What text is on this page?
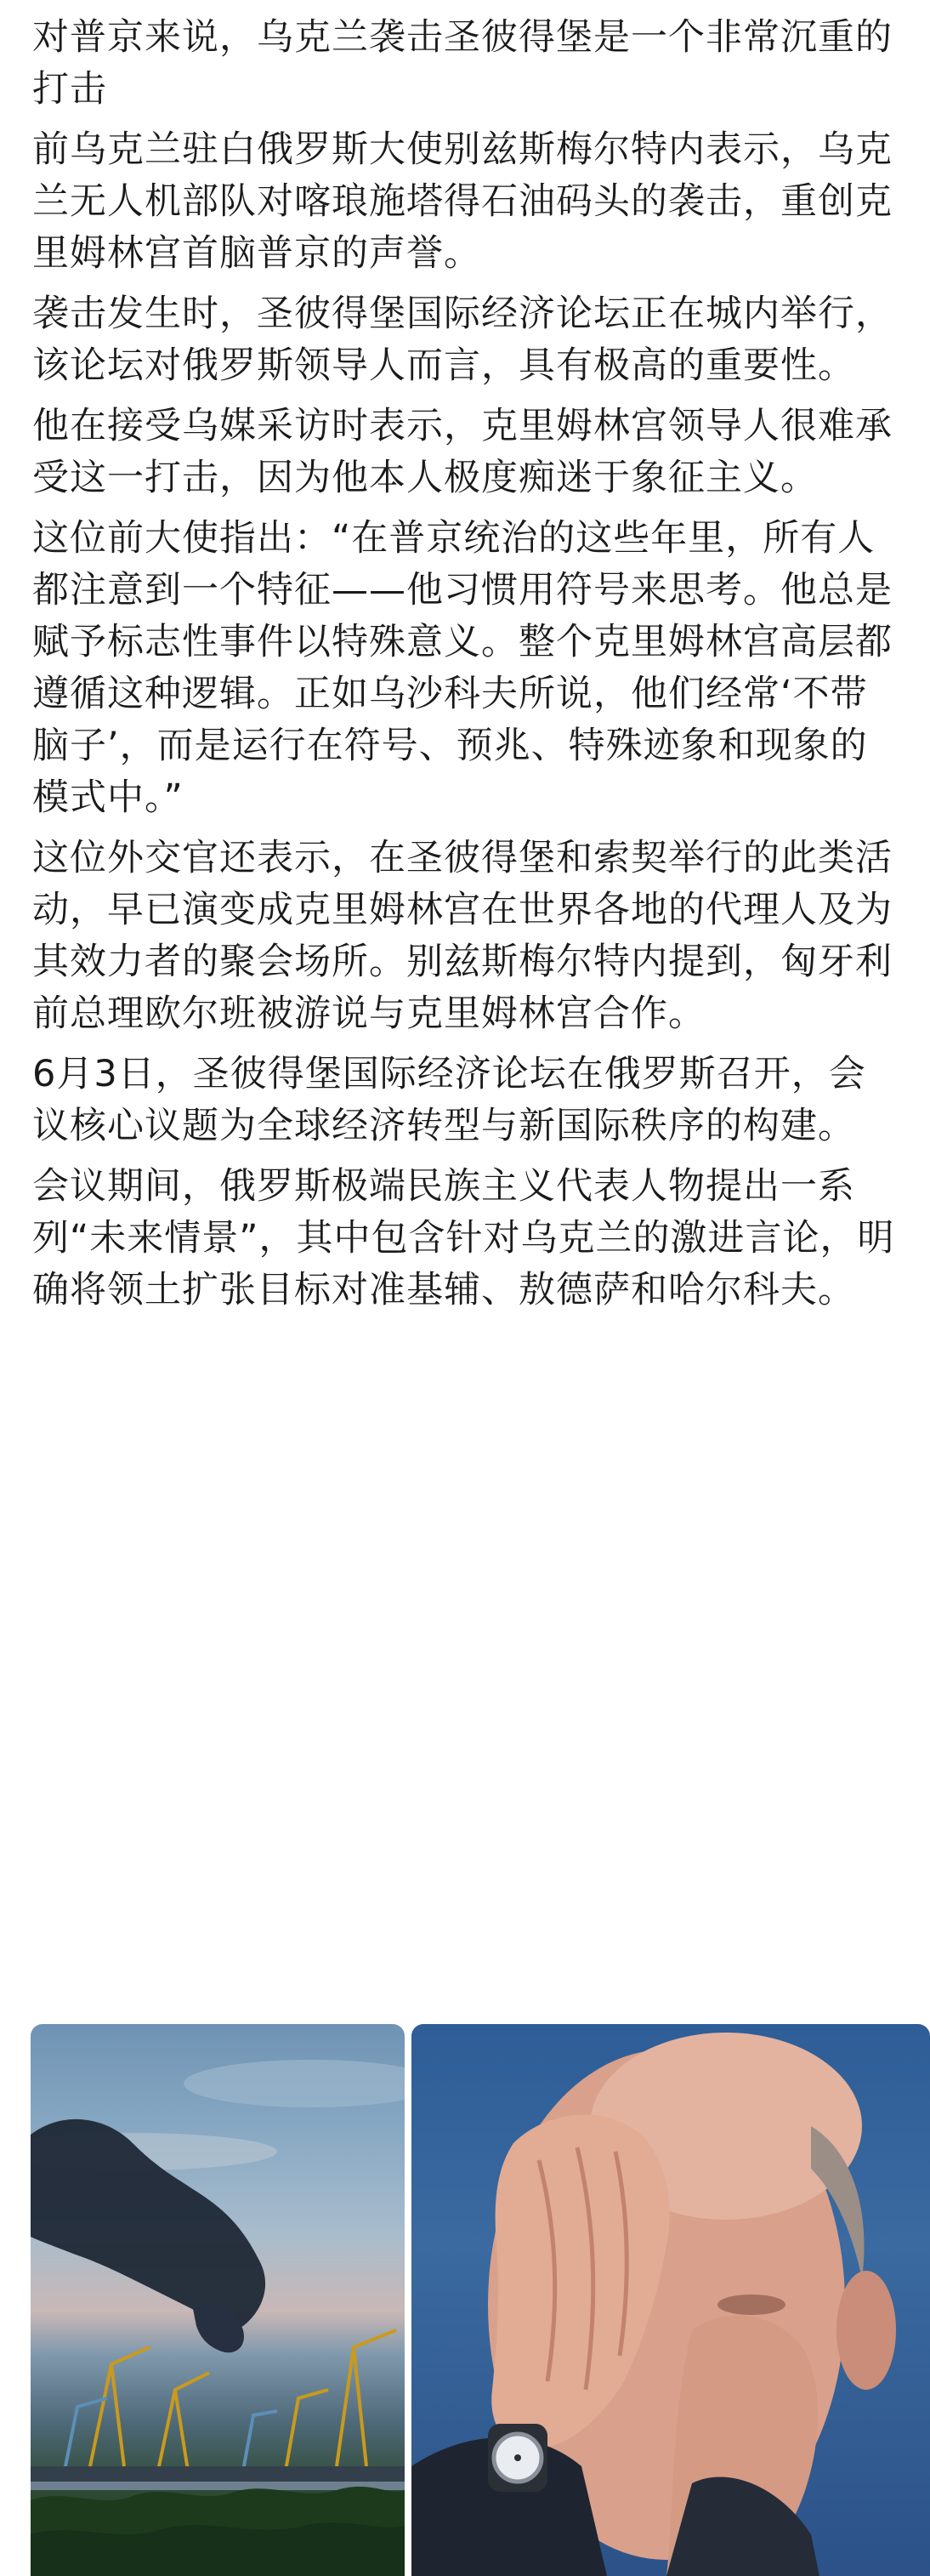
对普京来说，乌克兰袭击圣彼得堡是一个非常沉重的打击

前乌克兰驻白俄罗斯大使别兹斯梅尔特内表示，乌克兰无人机部队对喀琅施塔得石油码头的袭击，重创克里姆林宫首脑普京的声誉。

袭击发生时，圣彼得堡国际经济论坛正在城内举行，该论坛对俄罗斯领导人而言，具有极高的重要性。

他在接受乌媒采访时表示，克里姆林宫领导人很难承受这一打击，因为他本人极度痴迷于象征主义。

这位前大使指出：“在普京统治的这些年里，所有人都注意到一个特征——他习惯用符号来思考。他总是赋予标志性事件以特殊意义。整个克里姆林宫高层都遵循这种逻辑。正如乌沙科夫所说，他们经常‘不带脑子’，而是运行在符号、预兆、特殊迹象和现象的模式中。”

这位外交官还表示，在圣彼得堡和索契举行的此类活动，早已演变成克里姆林宫在世界各地的代理人及为其效力者的聚会场所。别兹斯梅尔特内提到，匈牙利前总理欧尔班被游说与克里姆林宫合作。

6月3日，圣彼得堡国际经济论坛在俄罗斯召开，会议核心议题为全球经济转型与新国际秩序的构建。

会议期间，俄罗斯极端民族主义代表人物提出一系列“未来情景”，其中包含针对乌克兰的激进言论，明确将领土扩张目标对准基辅、敖德萨和哈尔科夫。
